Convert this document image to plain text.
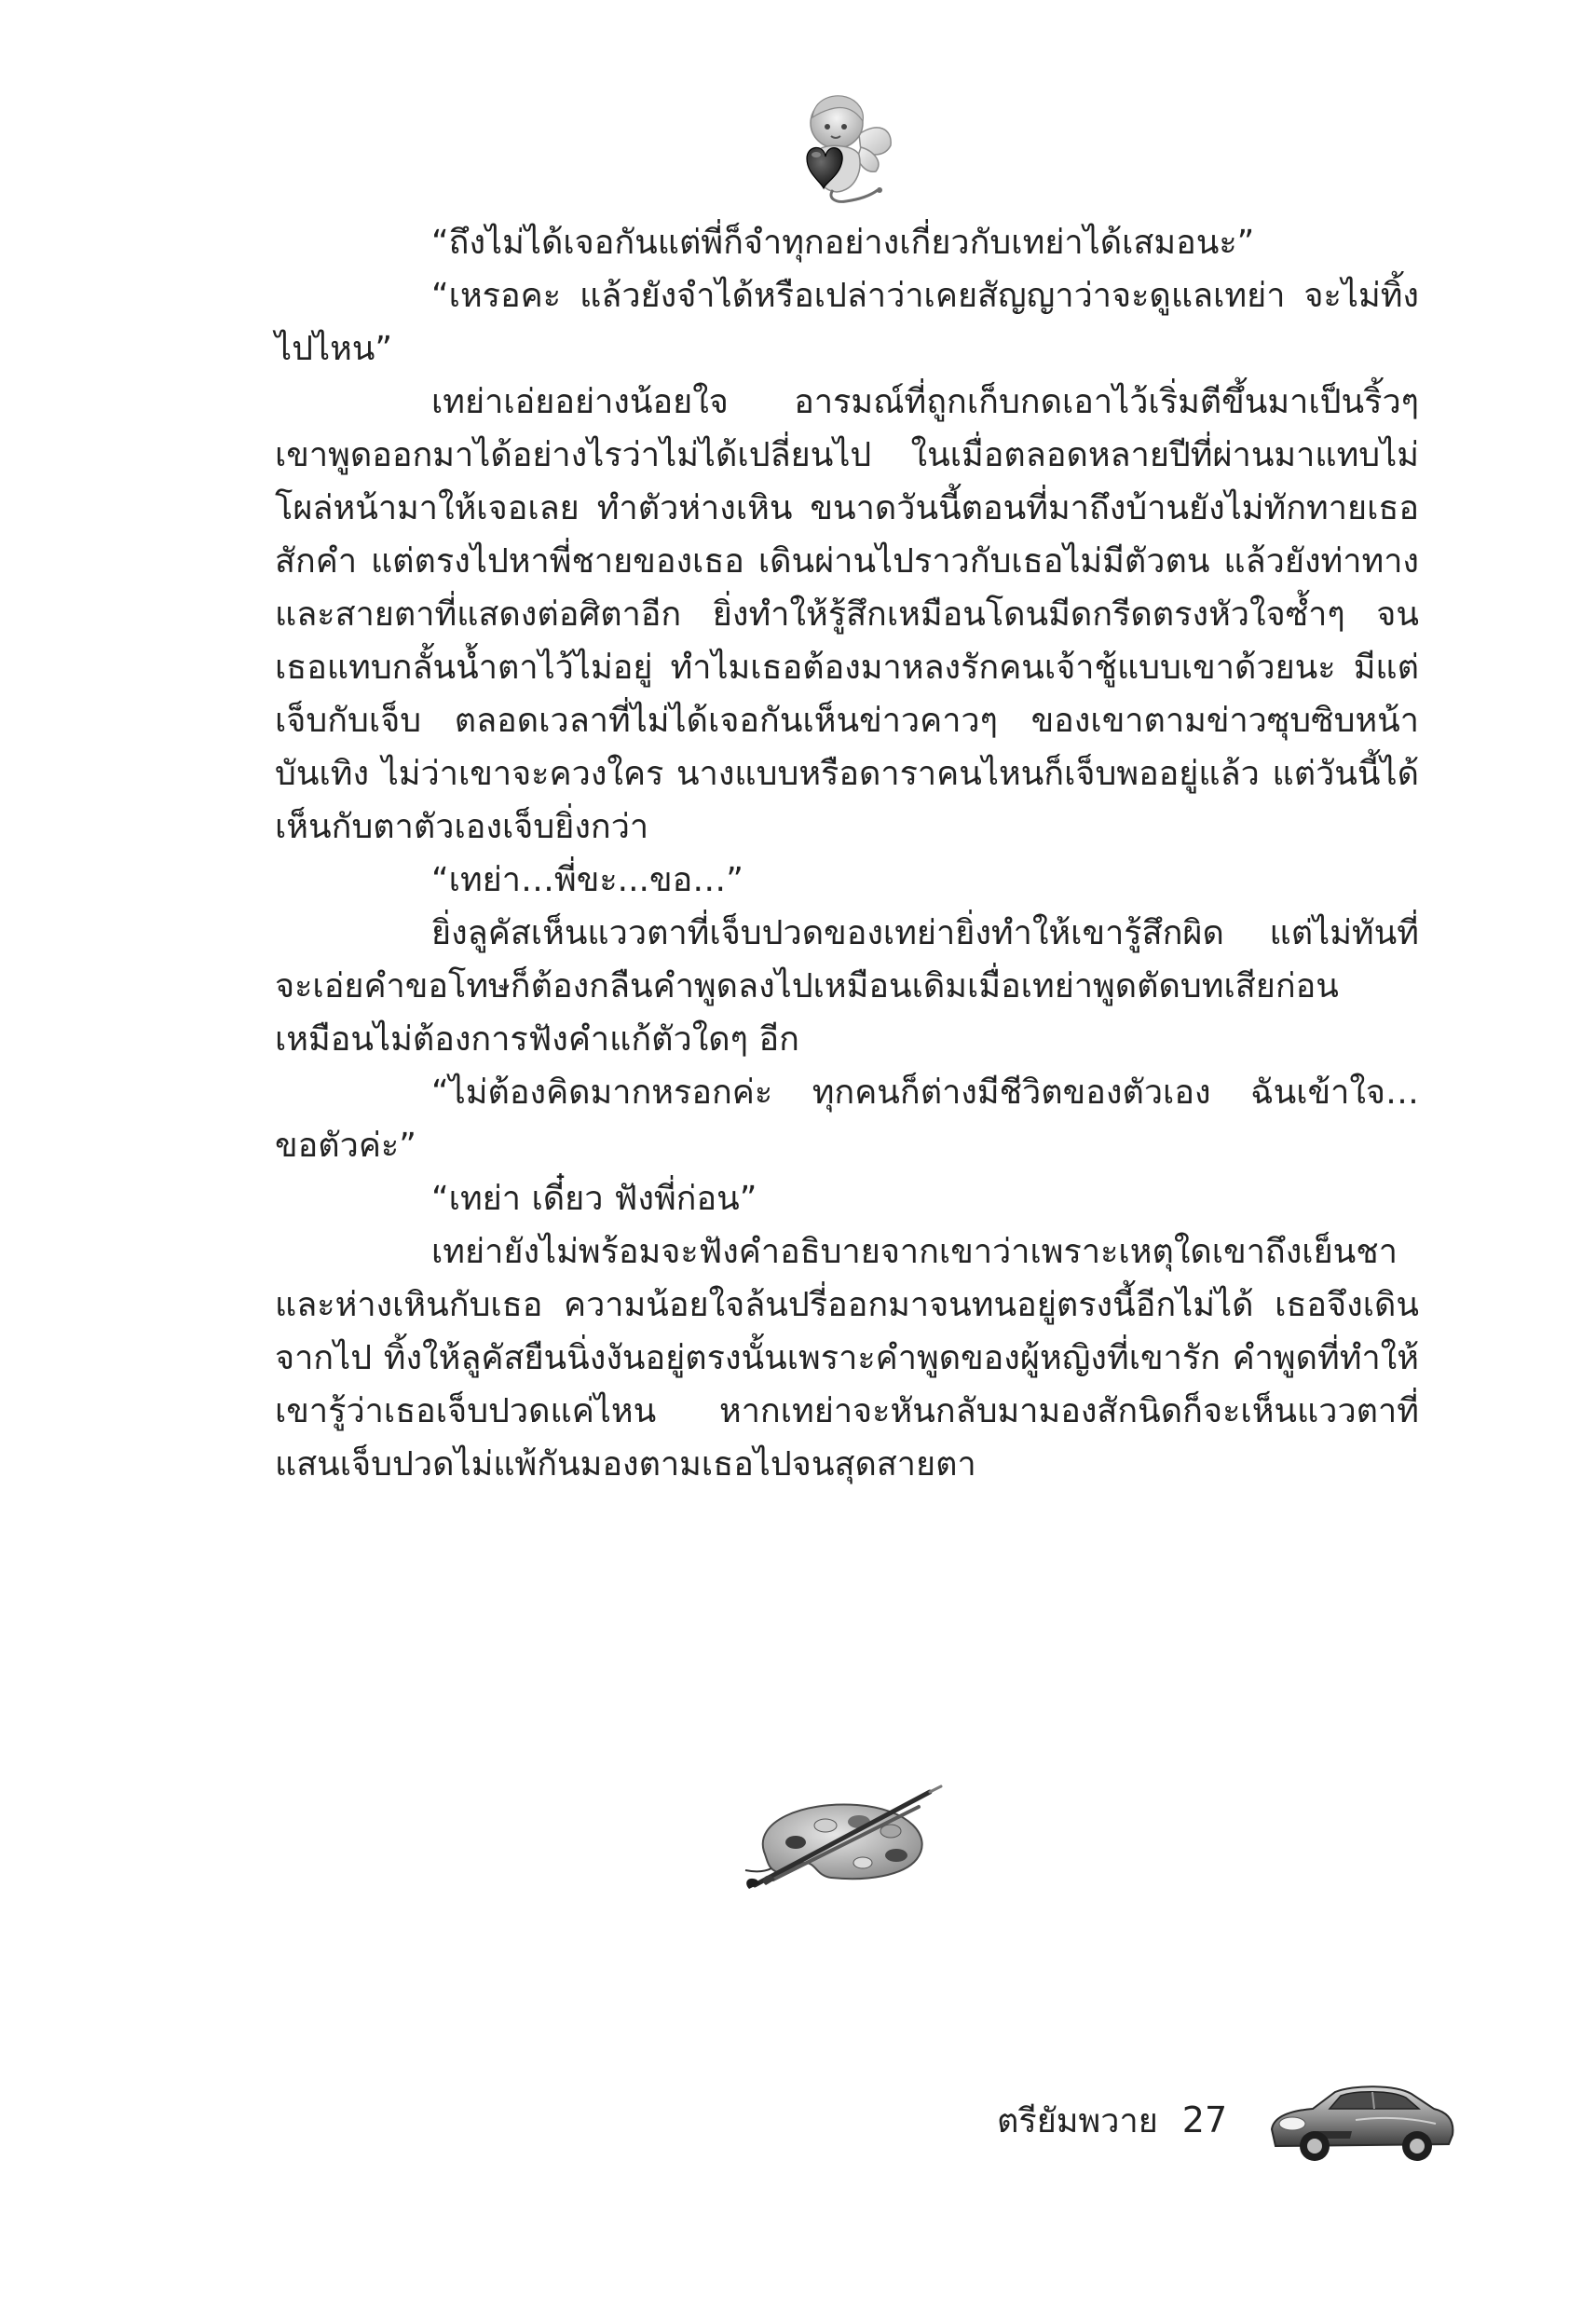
“ถึงไม่ได้เจอกันแต่พี่ก็จำทุกอย่างเกี่ยวกับเทย่าได้เสมอนะ”

“เหรอคะ แล้วยังจำได้หรือเปล่าว่าเคยสัญญาว่าจะดูแลเทย่า จะไม่ทิ้งไปไหน”

เทย่าเอ่ยอย่างน้อยใจ อารมณ์ที่ถูกเก็บกดเอาไว้เริ่มตีขึ้นมาเป็นริ้วๆ เขาพูดออกมาได้อย่างไรว่าไม่ได้เปลี่ยนไป ในเมื่อตลอดหลายปีที่ผ่านมาแทบไม่โผล่หน้ามาให้เจอเลย ทำตัวห่างเหิน ขนาดวันนี้ตอนที่มาถึงบ้านยังไม่ทักทายเธอสักคำ แต่ตรงไปหาพี่ชายของเธอ เดินผ่านไปราวกับเธอไม่มีตัวตน แล้วยังท่าทางและสายตาที่แสดงต่อศิตาอีก ยิ่งทำให้รู้สึกเหมือนโดนมีดกรีดตรงหัวใจซ้ำๆ จนเธอแทบกลั้นน้ำตาไว้ไม่อยู่ ทำไมเธอต้องมาหลงรักคนเจ้าชู้แบบเขาด้วยนะ มีแต่เจ็บกับเจ็บ ตลอดเวลาที่ไม่ได้เจอกันเห็นข่าวคาวๆ ของเขาตามข่าวซุบซิบหน้าบันเทิง ไม่ว่าเขาจะควงใคร นางแบบหรือดาราคนไหนก็เจ็บพออยู่แล้ว แต่วันนี้ได้เห็นกับตาตัวเองเจ็บยิ่งกว่า

“เทย่า…พี่ขะ...ขอ…”

ยิ่งลูคัสเห็นแววตาที่เจ็บปวดของเทย่ายิ่งทำให้เขารู้สึกผิด แต่ไม่ทันที่จะเอ่ยคำขอโทษก็ต้องกลืนคำพูดลงไปเหมือนเดิมเมื่อเทย่าพูดตัดบทเสียก่อนเหมือนไม่ต้องการฟังคำแก้ตัวใดๆ อีก

“ไม่ต้องคิดมากหรอกค่ะ ทุกคนก็ต่างมีชีวิตของตัวเอง ฉันเข้าใจ… ขอตัวค่ะ”

“เทย่า เดี๋ยว ฟังพี่ก่อน”

เทย่ายังไม่พร้อมจะฟังคำอธิบายจากเขาว่าเพราะเหตุใดเขาถึงเย็นชาและห่างเหินกับเธอ ความน้อยใจล้นปรี่ออกมาจนทนอยู่ตรงนี้อีกไม่ได้ เธอจึงเดินจากไป ทิ้งให้ลูคัสยืนนิ่งงันอยู่ตรงนั้นเพราะคำพูดของผู้หญิงที่เขารัก คำพูดที่ทำให้เขารู้ว่าเธอเจ็บปวดแค่ไหน หากเทย่าจะหันกลับมามองสักนิดก็จะเห็นแววตาที่แสนเจ็บปวดไม่แพ้กันมองตามเธอไปจนสุดสายตา

ตรียัมพวาย 27
